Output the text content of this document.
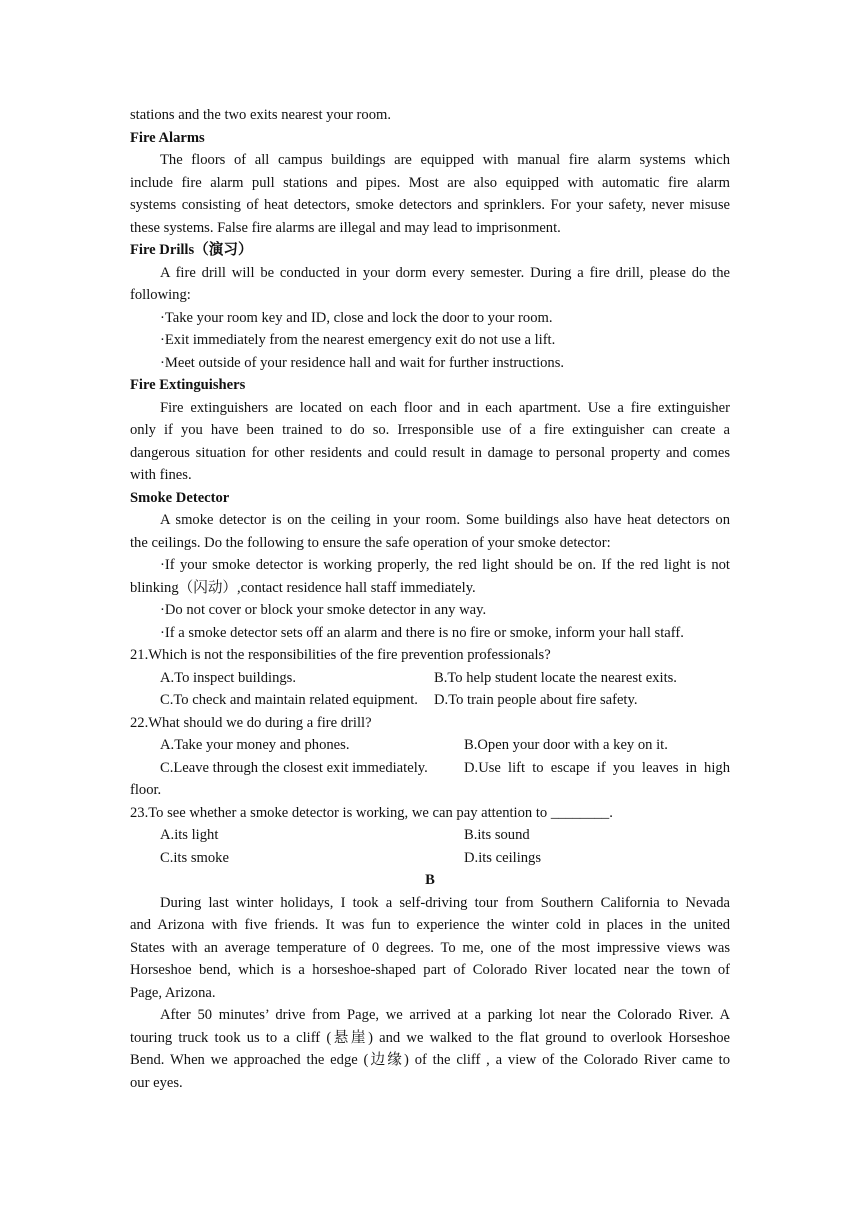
stations and the two exits nearest your room.
Fire Alarms
The floors of all campus buildings are equipped with manual fire alarm systems which
include fire alarm pull stations and pipes. Most are also equipped with automatic fire alarm
systems consisting of heat detectors, smoke detectors and sprinklers. For your safety, never misuse
these systems. False fire alarms are illegal and may lead to imprisonment.
Fire Drills（演习）
A fire drill will be conducted in your dorm every semester. During a fire drill, please do the
following:
·Take your room key and ID, close and lock the door to your room.
·Exit immediately from the nearest emergency exit do not use a lift.
·Meet outside of your residence hall and wait for further instructions.
Fire Extinguishers
Fire extinguishers are located on each floor and in each apartment. Use a fire extinguisher
only if you have been trained to do so. Irresponsible use of a fire extinguisher can create a
dangerous situation for other residents and could result in damage to personal property and comes
with fines.
Smoke Detector
A smoke detector is on the ceiling in your room. Some buildings also have heat detectors on
the ceilings. Do the following to ensure the safe operation of your smoke detector:
·If your smoke detector is working properly, the red light should be on. If the red light is not
blinking（闪动）,contact residence hall staff immediately.
·Do not cover or block your smoke detector in any way.
·If a smoke detector sets off an alarm and there is no fire or smoke, inform your hall staff.
21.Which is not the responsibilities of the fire prevention professionals?
A.To inspect buildings.	B.To help student locate the nearest exits.
C.To check and maintain related equipment.	D.To train people about fire safety.
22.What should we do during a fire drill?
A.Take your money and phones.	B.Open your door with a key on it.
C.Leave through the closest exit immediately.	D.Use lift to escape if you leaves in high
floor.
23.To see whether a smoke detector is working, we can pay attention to ________.
A.its light	B.its sound
C.its smoke	D.its ceilings
B
During last winter holidays, I took a self-driving tour from Southern California to Nevada
and Arizona with five friends. It was fun to experience the winter cold in places in the united
States with an average temperature of 0 degrees. To me, one of the most impressive views was
Horseshoe bend, which is a horseshoe-shaped part of Colorado River located near the town of
Page, Arizona.
After 50 minutes’ drive from Page, we arrived at a parking lot near the Colorado River. A
touring truck took us to a cliff (悬崖) and we walked to the flat ground to overlook Horseshoe
Bend. When we approached the edge (边缘) of the cliff , a view of the Colorado River came to
our eyes.
